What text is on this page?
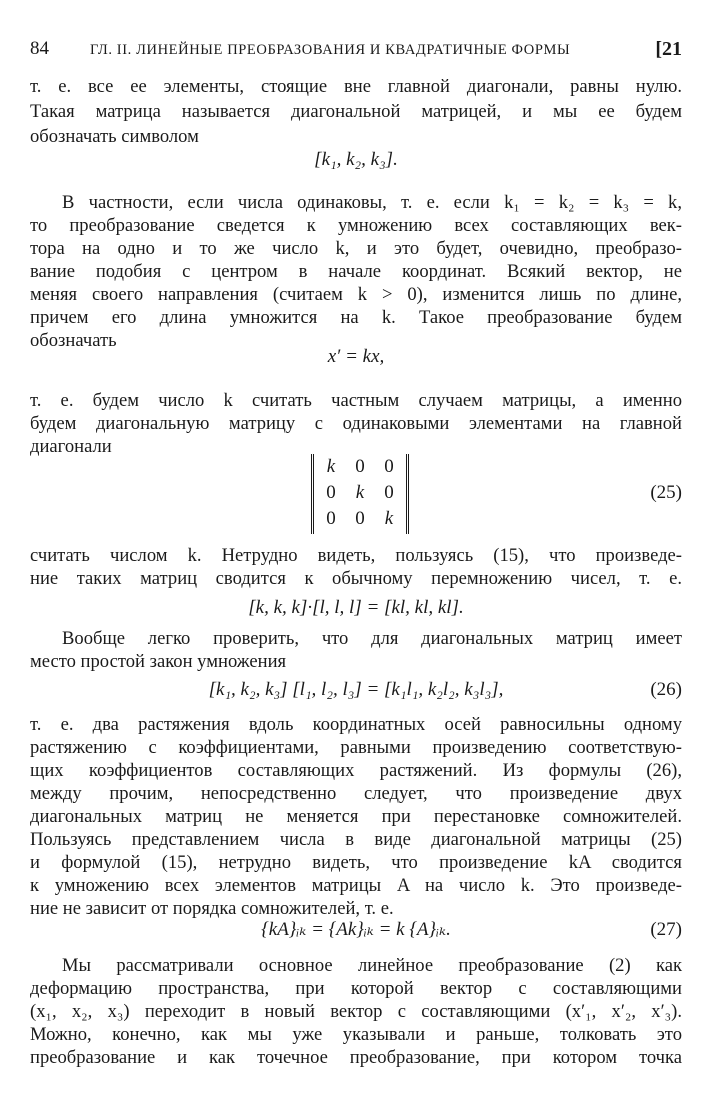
84	ГЛ. II. ЛИНЕЙНЫЕ ПРЕОБРАЗОВАНИЯ И КВАДРАТИЧНЫЕ ФОРМЫ	[21
т. е. все ее элементы, стоящие вне главной диагонали, равны нулю.
Такая матрица называется диагональной матрицей, и мы ее будем
обозначать символом
[k₁, k₂, k₃].
В частности, если числа одинаковы, т. е. если k₁ = k₂ = k₃ = k,
то преобразование сведется к умножению всех составляющих век-
тора на одно и то же число k, и это будет, очевидно, преобразо-
вание подобия с центром в начале координат. Всякий вектор, не
меняя своего направления (считаем k > 0), изменится лишь по длине,
причем его длина умножится на k. Такое преобразование будем
обозначать
x′ = kx,
т. е. будем число k считать частным случаем матрицы, а именно
будем диагональную матрицу с одинаковыми элементами на главной
диагонали
k	0	0
0	k	0
0	0	k
(25)
считать числом k. Нетрудно видеть, пользуясь (15), что произведе-
ние таких матриц сводится к обычному перемножению чисел, т. е.
[k, k, k]·[l, l, l] = [kl, kl, kl].
Вообще легко проверить, что для диагональных матриц имеет
место простой закон умножения
[k₁, k₂, k₃] [l₁, l₂, l₃] = [k₁l₁, k₂l₂, k₃l₃],	(26)
т. е. два растяжения вдоль координатных осей равносильны одному
растяжению с коэффициентами, равными произведению соответствую-
щих коэффициентов составляющих растяжений. Из формулы (26),
между прочим, непосредственно следует, что произведение двух
диагональных матриц не меняется при перестановке сомножителей.
Пользуясь представлением числа в виде диагональной матрицы (25)
и формулой (15), нетрудно видеть, что произведение kA сводится
к умножению всех элементов матрицы A на число k. Это произведе-
ние не зависит от порядка сомножителей, т. е.
{kA}ᵢₖ = {Ak}ᵢₖ = k {A}ᵢₖ.	(27)
Мы рассматривали основное линейное преобразование (2) как
деформацию пространства, при которой вектор с составляющими
(x₁, x₂, x₃) переходит в новый вектор с составляющими (x′₁, x′₂, x′₃).
Можно, конечно, как мы уже указывали и раньше, толковать это
преобразование и как точечное преобразование, при котором точка
